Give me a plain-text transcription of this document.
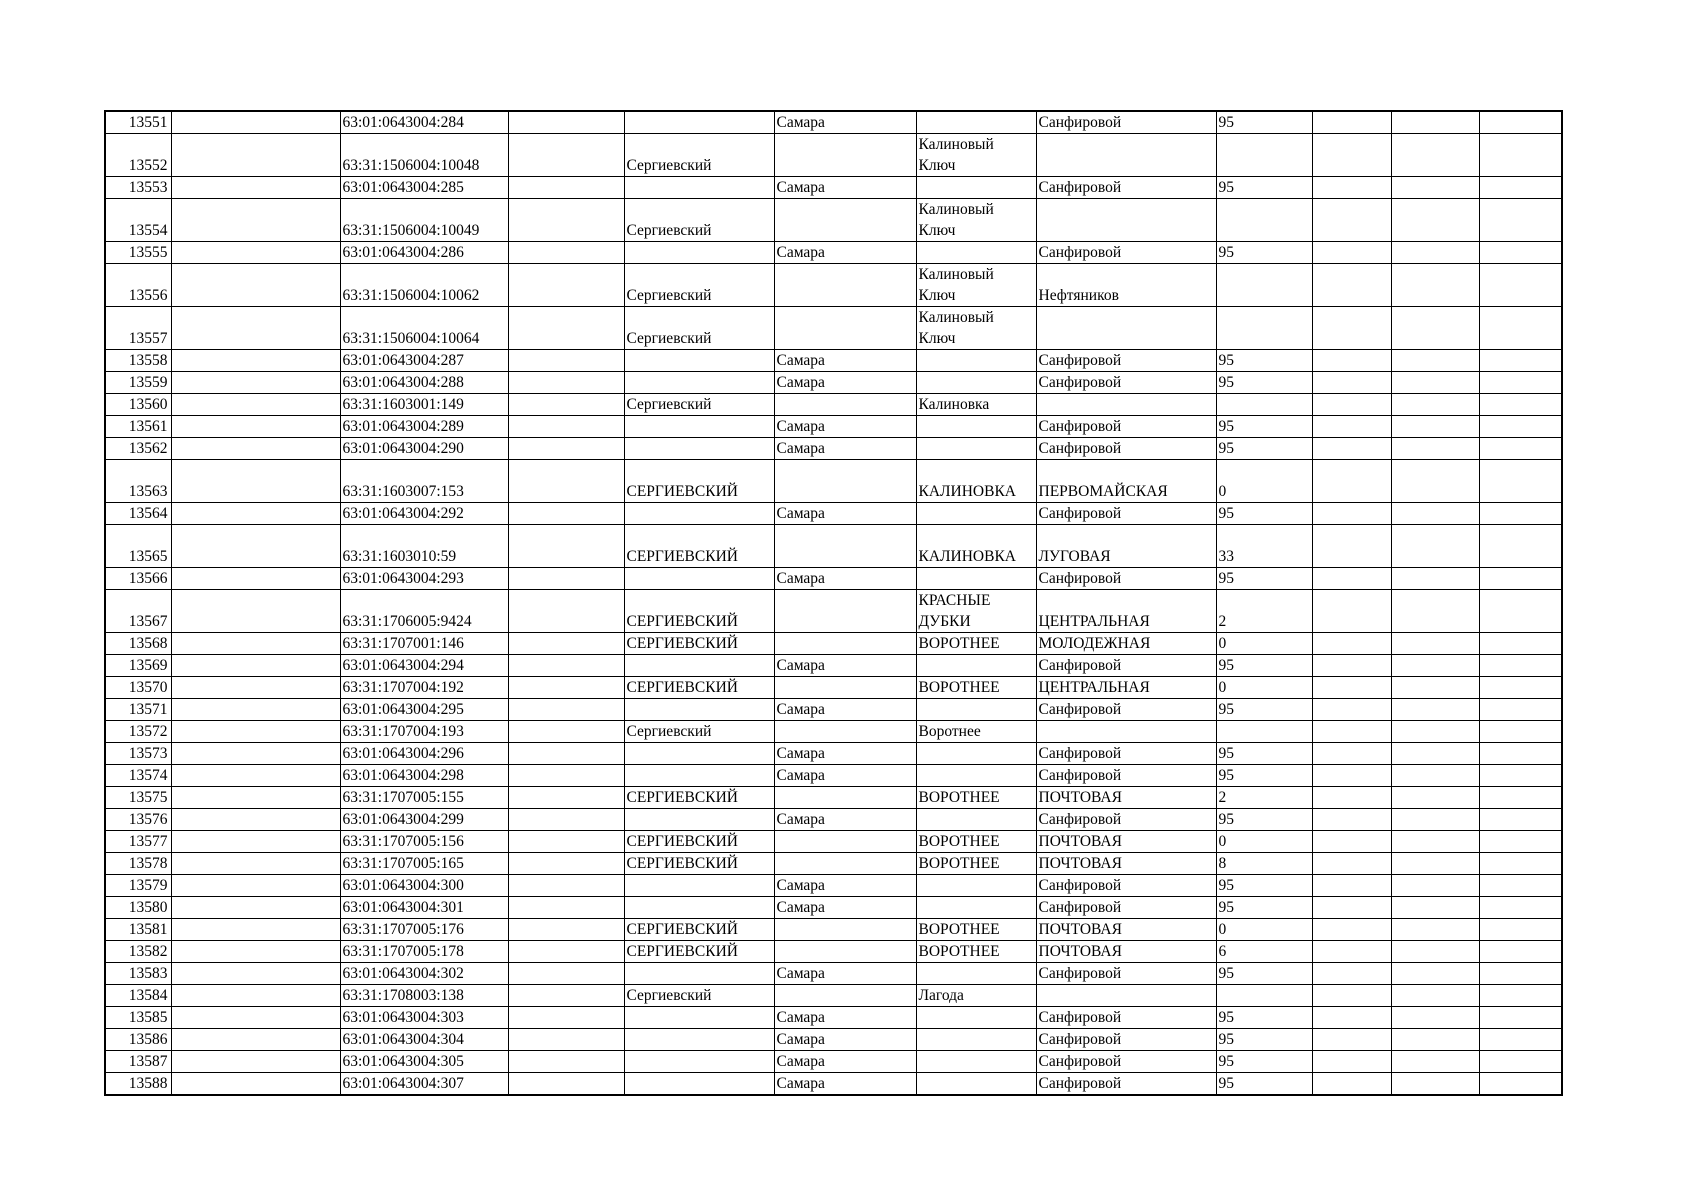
13551		63:01:0643004:284			Самара		Санфировой	95			
13552		63:31:1506004:10048		Сергиевский		Калиновый Ключ					
13553		63:01:0643004:285			Самара		Санфировой	95			
13554		63:31:1506004:10049		Сергиевский		Калиновый Ключ					
13555		63:01:0643004:286			Самара		Санфировой	95			
13556		63:31:1506004:10062		Сергиевский		Калиновый Ключ	Нефтяников				
13557		63:31:1506004:10064		Сергиевский		Калиновый Ключ					
13558		63:01:0643004:287			Самара		Санфировой	95			
13559		63:01:0643004:288			Самара		Санфировой	95			
13560		63:31:1603001:149		Сергиевский		Калиновка					
13561		63:01:0643004:289			Самара		Санфировой	95			
13562		63:01:0643004:290			Самара		Санфировой	95			
13563		63:31:1603007:153		СЕРГИЕВСКИЙ		КАЛИНОВКА	ПЕРВОМАЙСКАЯ	0			
13564		63:01:0643004:292			Самара		Санфировой	95			
13565		63:31:1603010:59		СЕРГИЕВСКИЙ		КАЛИНОВКА	ЛУГОВАЯ	33			
13566		63:01:0643004:293			Самара		Санфировой	95			
13567		63:31:1706005:9424		СЕРГИЕВСКИЙ		КРАСНЫЕ ДУБКИ	ЦЕНТРАЛЬНАЯ	2			
13568		63:31:1707001:146		СЕРГИЕВСКИЙ		ВОРОТНЕЕ	МОЛОДЕЖНАЯ	0			
13569		63:01:0643004:294			Самара		Санфировой	95			
13570		63:31:1707004:192		СЕРГИЕВСКИЙ		ВОРОТНЕЕ	ЦЕНТРАЛЬНАЯ	0			
13571		63:01:0643004:295			Самара		Санфировой	95			
13572		63:31:1707004:193		Сергиевский		Воротнее					
13573		63:01:0643004:296			Самара		Санфировой	95			
13574		63:01:0643004:298			Самара		Санфировой	95			
13575		63:31:1707005:155		СЕРГИЕВСКИЙ		ВОРОТНЕЕ	ПОЧТОВАЯ	2			
13576		63:01:0643004:299			Самара		Санфировой	95			
13577		63:31:1707005:156		СЕРГИЕВСКИЙ		ВОРОТНЕЕ	ПОЧТОВАЯ	0			
13578		63:31:1707005:165		СЕРГИЕВСКИЙ		ВОРОТНЕЕ	ПОЧТОВАЯ	8			
13579		63:01:0643004:300			Самара		Санфировой	95			
13580		63:01:0643004:301			Самара		Санфировой	95			
13581		63:31:1707005:176		СЕРГИЕВСКИЙ		ВОРОТНЕЕ	ПОЧТОВАЯ	0			
13582		63:31:1707005:178		СЕРГИЕВСКИЙ		ВОРОТНЕЕ	ПОЧТОВАЯ	6			
13583		63:01:0643004:302			Самара		Санфировой	95			
13584		63:31:1708003:138		Сергиевский		Лагода					
13585		63:01:0643004:303			Самара		Санфировой	95			
13586		63:01:0643004:304			Самара		Санфировой	95			
13587		63:01:0643004:305			Самара		Санфировой	95			
13588		63:01:0643004:307			Самара		Санфировой	95			
